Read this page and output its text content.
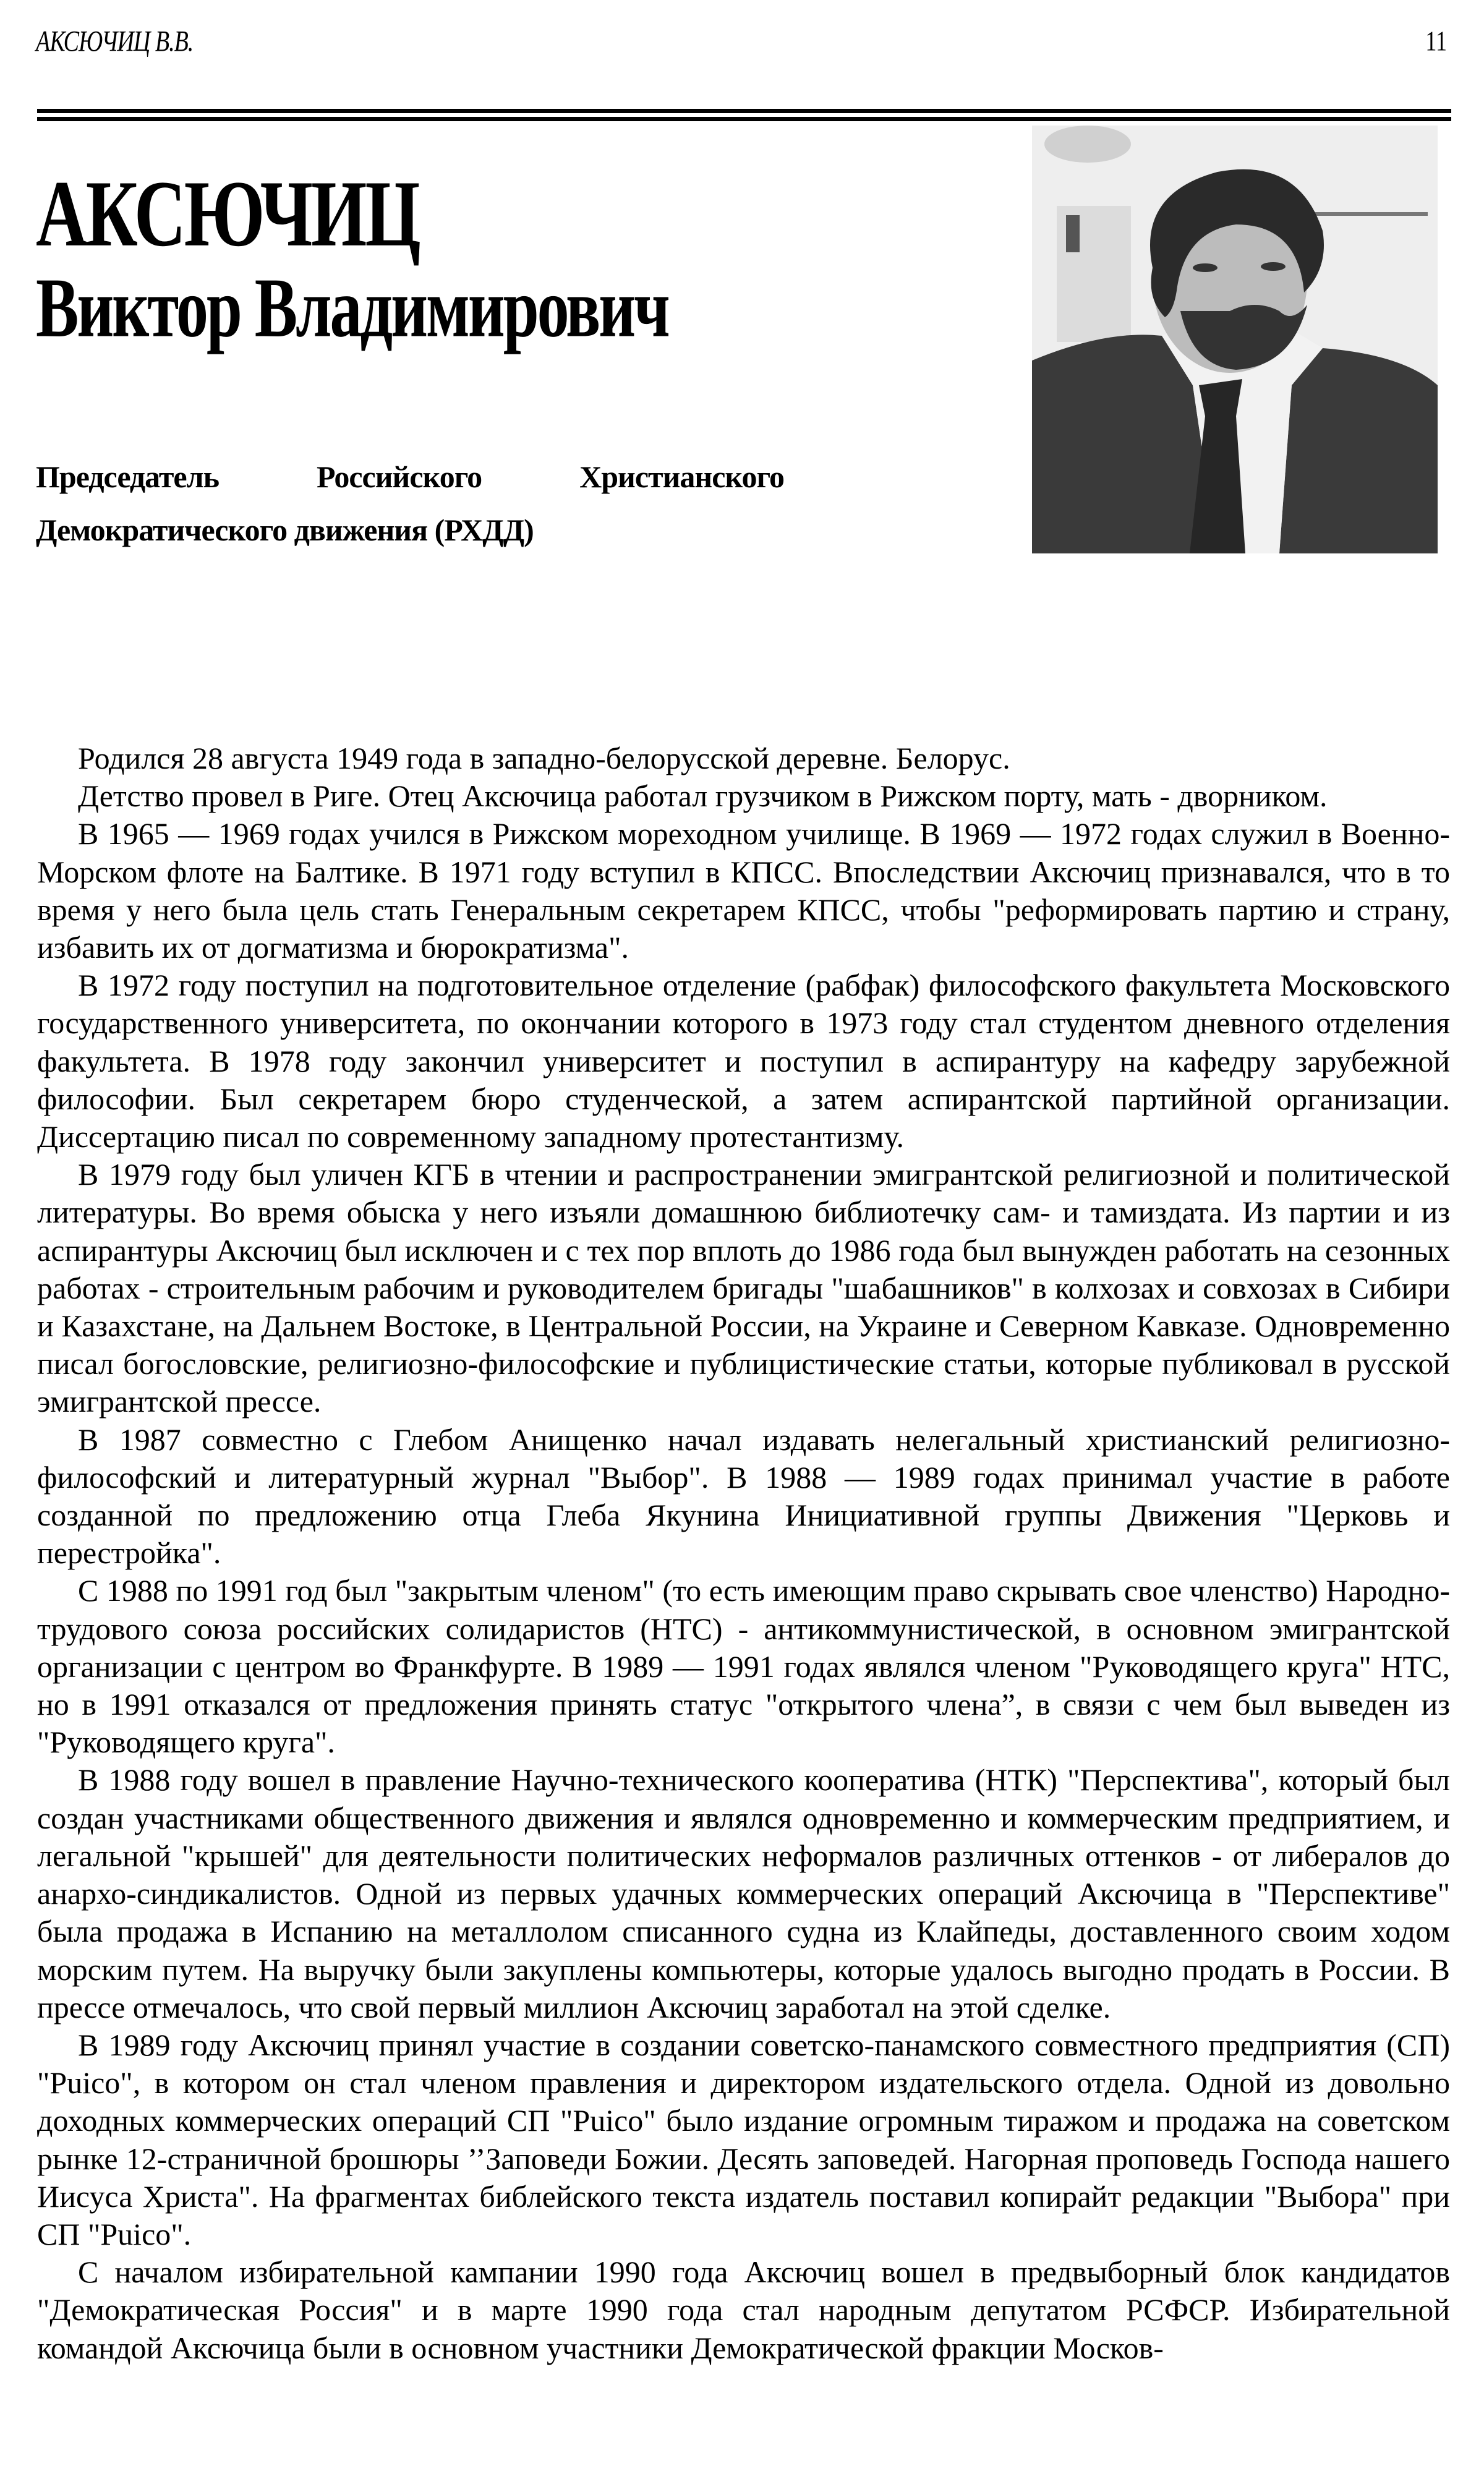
АКСЮЧИЦ В.В.	11
АКСЮЧИЦ
Виктор Владимирович
Председатель Российского Христианского
Демократического движения (РХДД)

Родился 28 августа 1949 года в западно-белорусской деревне. Белорус.

Детство провел в Риге. Отец Аксючица работал грузчиком в Рижском порту, мать - дворником.

В 1965 — 1969 годах учился в Рижском мореходном училище. В 1969 — 1972 годах служил в Военно-Морском флоте на Балтике. В 1971 году вступил в КПСС. Впоследствии Аксючиц признавался, что в то время у него была цель стать Генеральным секретарем КПСС, чтобы "реформировать партию и страну, избавить их от догматизма и бюрократизма".

В 1972 году поступил на подготовительное отделение (рабфак) философского факультета Московского государственного университета, по окончании которого в 1973 году стал студентом дневного отделения факультета. В 1978 году закончил университет и поступил в аспирантуру на кафедру зарубежной философии. Был секретарем бюро студенческой, а затем аспирантской партийной организации. Диссертацию писал по современному западному протестантизму.

В 1979 году был уличен КГБ в чтении и распространении эмигрантской религиозной и политической литературы. Во время обыска у него изъяли домашнюю библиотечку сам- и тамиздата. Из партии и из аспирантуры Аксючиц был исключен и с тех пор вплоть до 1986 года был вынужден работать на сезонных работах - строительным рабочим и руководителем бригады "шабашников" в колхозах и совхозах в Сибири и Казахстане, на Дальнем Востоке, в Центральной России, на Украине и Северном Кавказе. Одновременно писал богословские, религиозно-философские и публицистические статьи, которые публиковал в русской эмигрантской прессе.

В 1987 совместно с Глебом Анищенко начал издавать нелегальный христианский религиозно-философский и литературный журнал "Выбор". В 1988 — 1989 годах принимал участие в работе созданной по предложению отца Глеба Якунина Инициативной группы Движения "Церковь и перестройка".

С 1988 по 1991 год был "закрытым членом" (то есть имеющим право скрывать свое членство) Народно-трудового союза российских солидаристов (НТС) - антикоммунистической, в основном эмигрантской организации с центром во Франкфурте. В 1989 — 1991 годах являлся членом "Руководящего круга" НТС, но в 1991 отказался от предложения принять статус "открытого члена”, в связи с чем был выведен из "Руководящего круга".

В 1988 году вошел в правление Научно-технического кооператива (НТК) "Перспектива", который был создан участниками общественного движения и являлся одновременно и коммерческим предприятием, и легальной "крышей" для деятельности политических неформалов различных оттенков - от либералов до анархо-синдикалистов. Одной из первых удачных коммерческих операций Аксючица в "Перспективе" была продажа в Испанию на металлолом списанного судна из Клайпеды, доставленного своим ходом морским путем. На выручку были закуплены компьютеры, которые удалось выгодно продать в России. В прессе отмечалось, что свой первый миллион Аксючиц заработал на этой сделке.

В 1989 году Аксючиц принял участие в создании советско-панамского совместного предприятия (СП) "Puico", в котором он стал членом правления и директором издательского отдела. Одной из довольно доходных коммерческих операций СП "Puico" было издание огромным тиражом и продажа на советском рынке 12-страничной брошюры ’’Заповеди Божии. Десять заповедей. Нагорная проповедь Господа нашего Иисуса Христа". На фрагментах библейского текста издатель поставил копирайт редакции "Выбора" при СП "Puico".

С началом избирательной кампании 1990 года Аксючиц вошел в предвыборный блок кандидатов "Демократическая Россия" и в марте 1990 года стал народным депутатом РСФСР. Избирательной командой Аксючица были в основном участники Демократической фракции Москов-
